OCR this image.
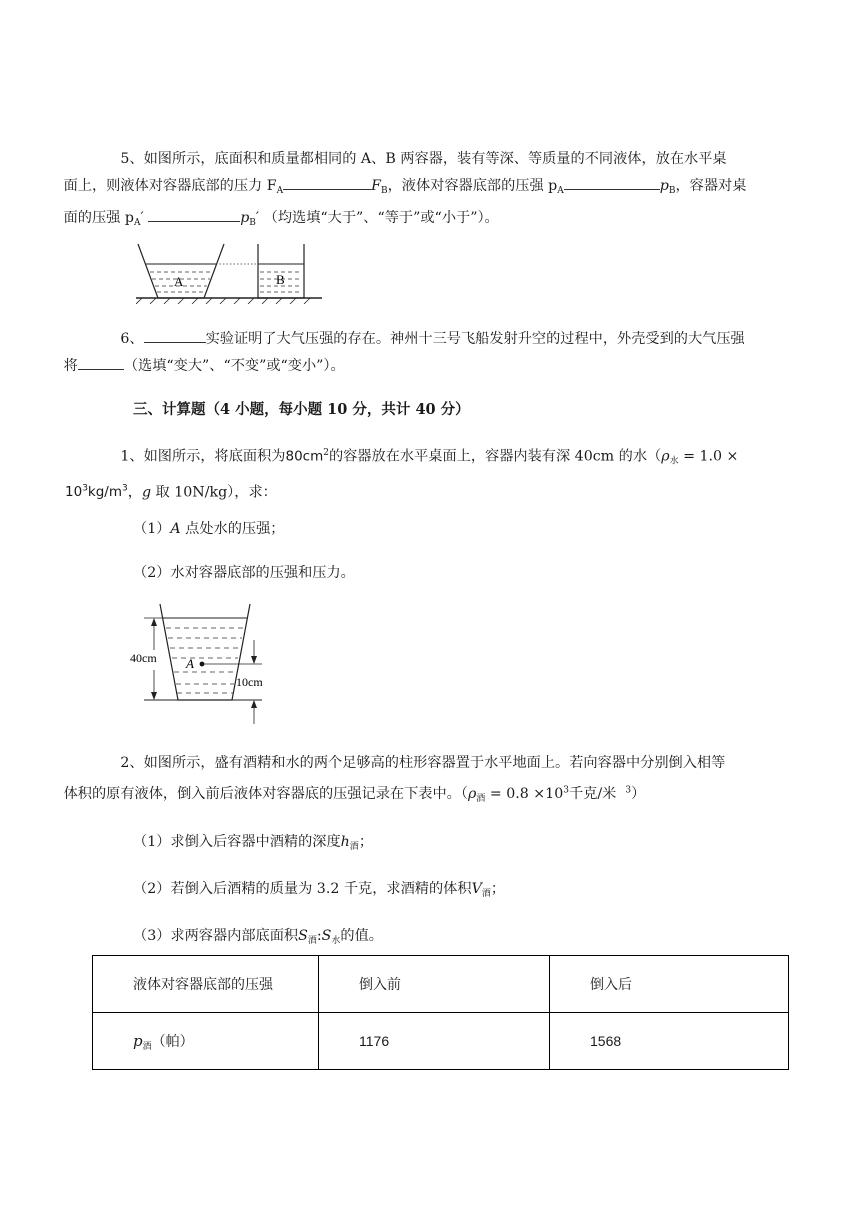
5、如图所示，底面积和质量都相同的 A、B 两容器，装有等深、等质量的不同液体，放在水平桌
面上，则液体对容器底部的压力 $F_A$	$F_B$，液体对容器底部的压强 $p_A$	$p_B$，容器对桌
面的压强 $p_A'$	$p_B'$ （均选填“大于”、“等于”或“小于”）。

A	B

6、	实验证明了大气压强的存在。神州十三号飞船发射升空的过程中，外壳受到的大气压强
将	（选填“变大”、“不变”或“变小”）。

三、计算题（4 小题，每小题 10 分，共计 40 分）

1、如图所示，将底面积为$80cm^2$的容器放在水平桌面上，容器内装有深 40cm 的水（$\rho_水 = 1.0$ ×
$10^3kg/m^3$，g 取 10N/kg），求：

（1）A 点处水的压强；
（2）水对容器底部的压强和压力。
40cm A
10cm

2、如图所示，盛有酒精和水的两个足够高的柱形容器置于水平地面上。若向容器中分别倒入相等
体积的原有液体，倒入前后液体对容器底的压强记录在下表中。（$\rho_酒 = 0.8 \times 10^3$千克/米 $^3$）

（1）求倒入后容器中酒精的深度$h_酒$；
（2）若倒入后酒精的质量为 3.2 千克，求酒精的体积$V_酒$；
（3）求两容器内部底面积$S_酒:S_水$的值。
液体对容器底部的压强	倒入前	倒入后
$p_酒$（帕）	1176	1568
